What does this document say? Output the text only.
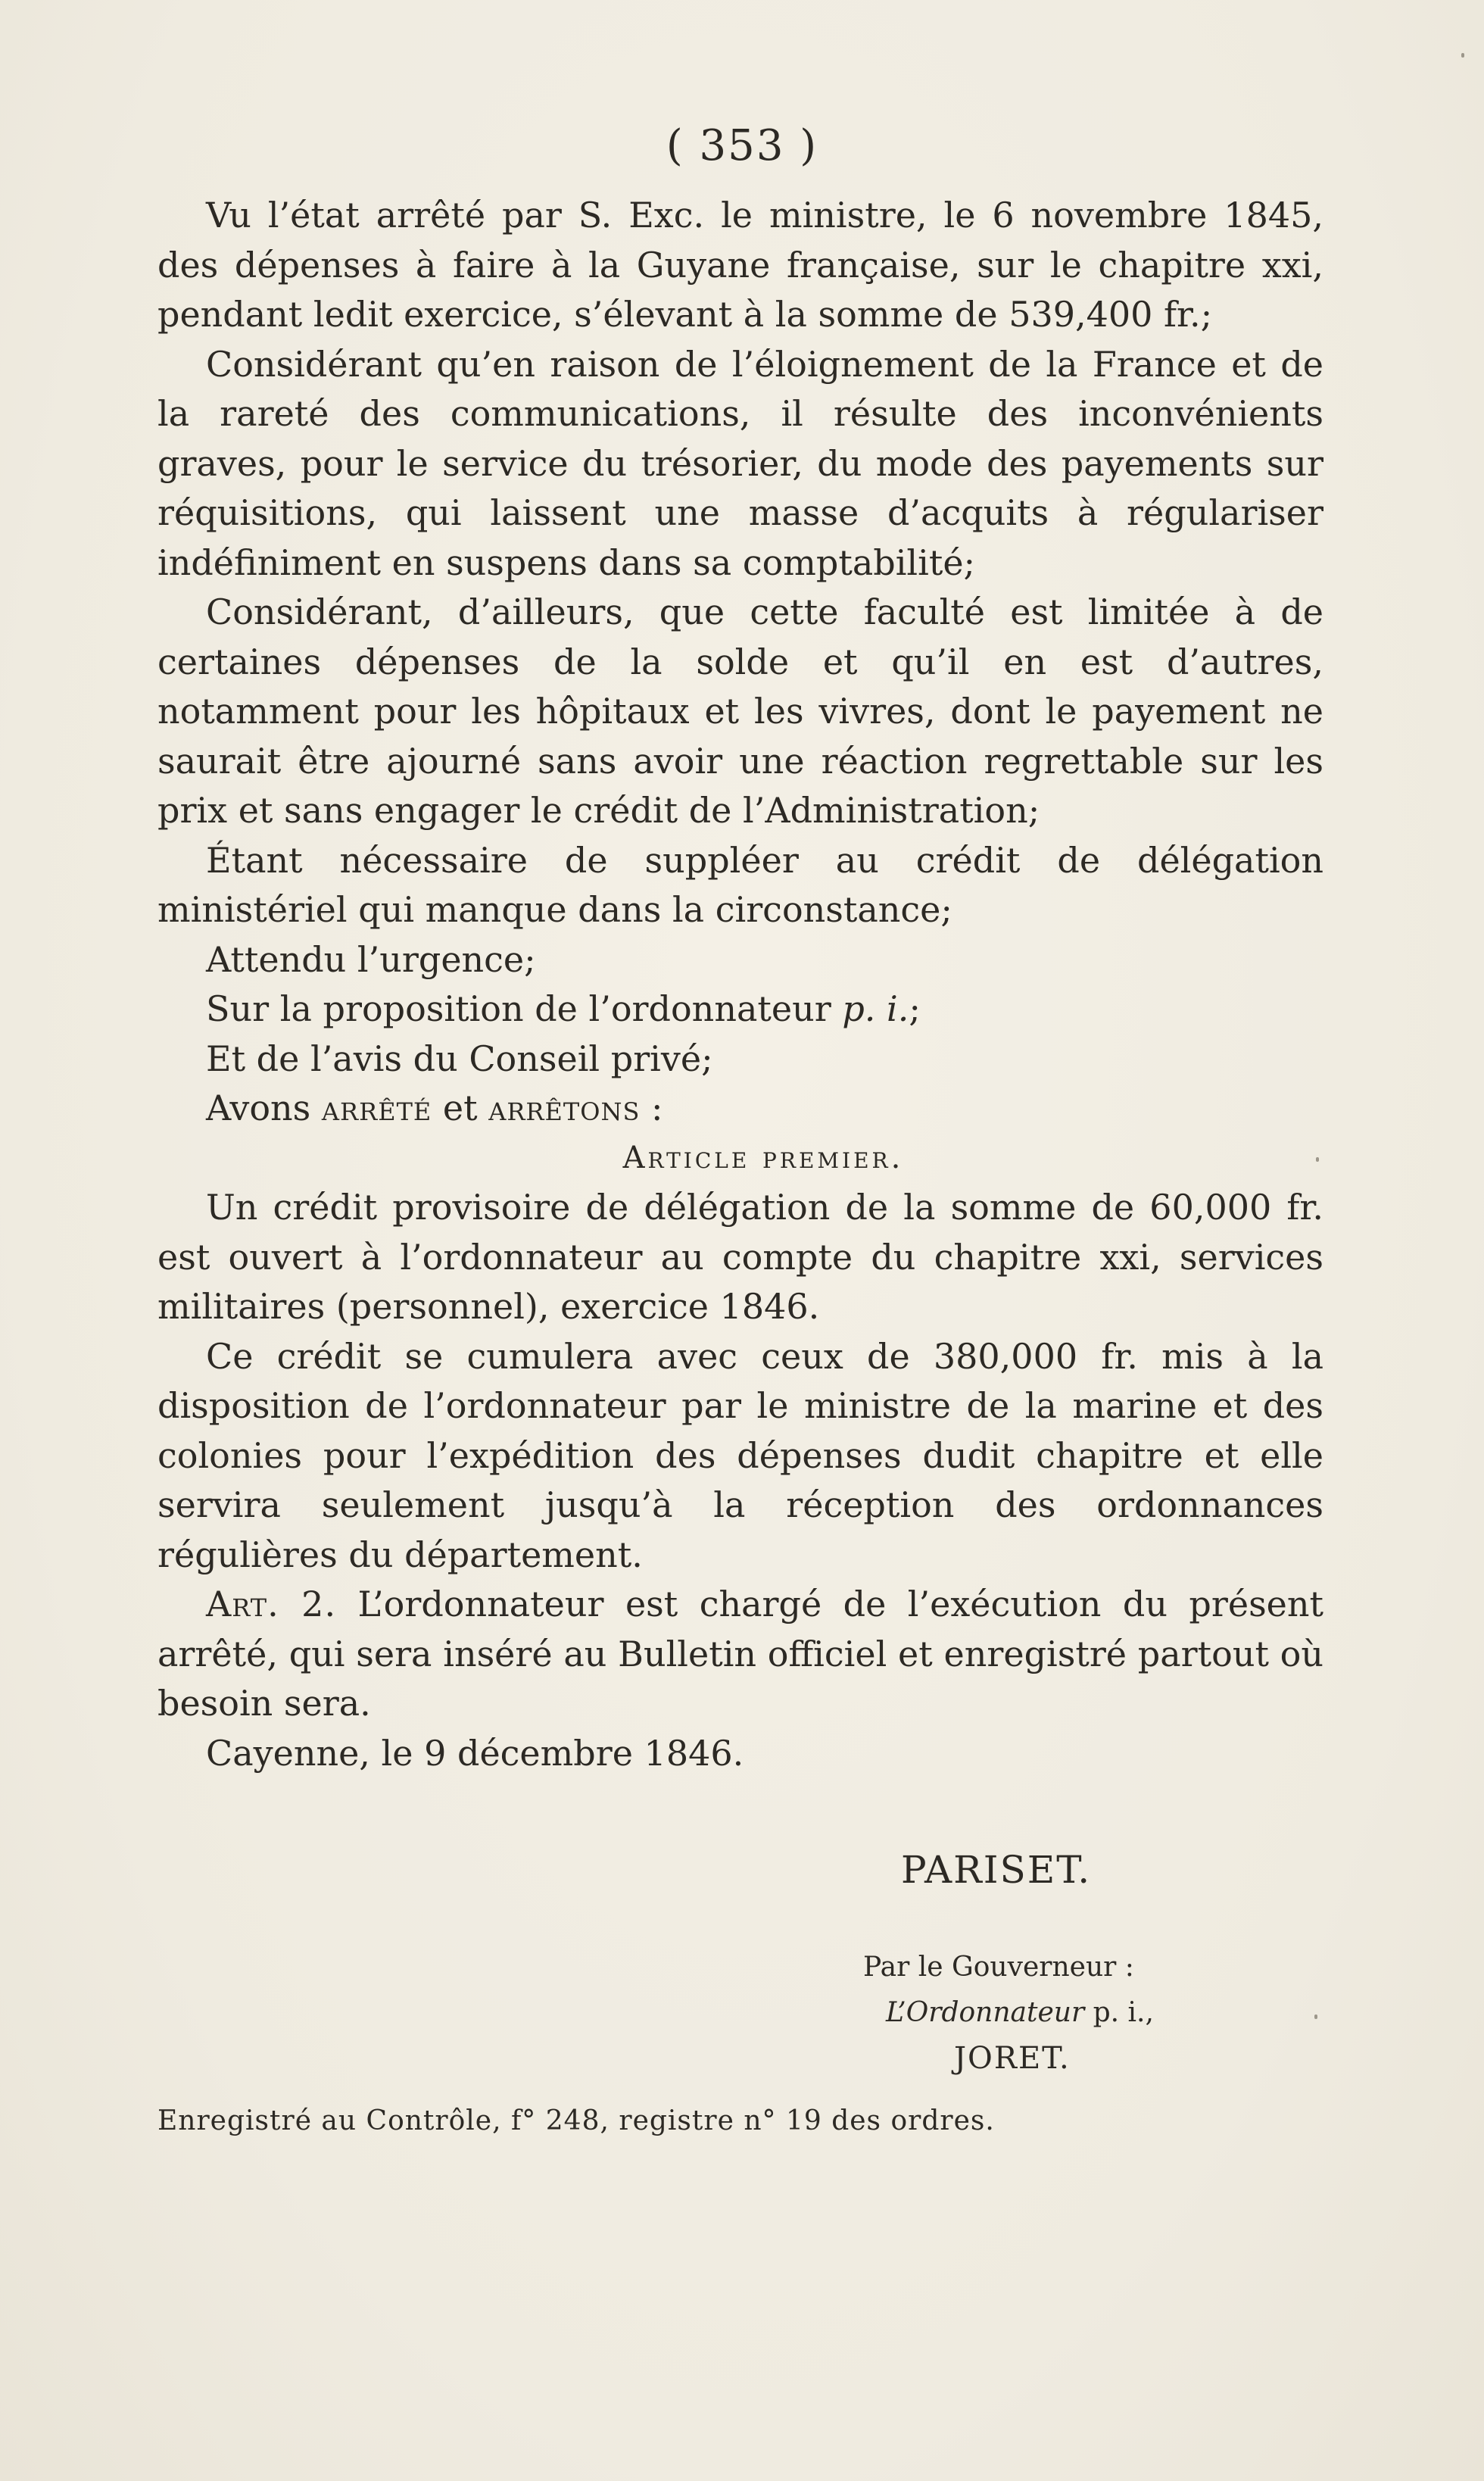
( 353 )

Vu l’état arrêté par S. Exc. le ministre, le 6 novembre 1845, des dépenses à faire à la Guyane française, sur le chapitre xxi, pendant ledit exercice, s’élevant à la somme de 539,400 fr.;

Considérant qu’en raison de l’éloignement de la France et de la rareté des communications, il résulte des inconvénients graves, pour le service du trésorier, du mode des payements sur réquisitions, qui laissent une masse d’acquits à régulariser indéfiniment en suspens dans sa comptabilité;

Considérant, d’ailleurs, que cette faculté est limitée à de certaines dépenses de la solde et qu’il en est d’autres, notamment pour les hôpitaux et les vivres, dont le payement ne saurait être ajourné sans avoir une réaction regrettable sur les prix et sans engager le crédit de l’Administration;

Étant nécessaire de suppléer au crédit de délégation ministériel qui manque dans la circonstance;

Attendu l’urgence;

Sur la proposition de l’ordonnateur p. i.;

Et de l’avis du Conseil privé;

Avons arrêté et arrêtons :

Article premier.

Un crédit provisoire de délégation de la somme de 60,000 fr. est ouvert à l’ordonnateur au compte du chapitre xxi, services militaires (personnel), exercice 1846.

Ce crédit se cumulera avec ceux de 380,000 fr. mis à la disposition de l’ordonnateur par le ministre de la marine et des colonies pour l’expédition des dépenses dudit chapitre et elle servira seulement jusqu’à la réception des ordonnances régulières du département.

Art. 2. L’ordonnateur est chargé de l’exécution du présent arrêté, qui sera inséré au Bulletin officiel et enregistré partout où besoin sera.

Cayenne, le 9 décembre 1846.

PARISET.

Par le Gouverneur :

L’Ordonnateur p. i.,

JORET.

Enregistré au Contrôle, f° 248, registre n° 19 des ordres.
